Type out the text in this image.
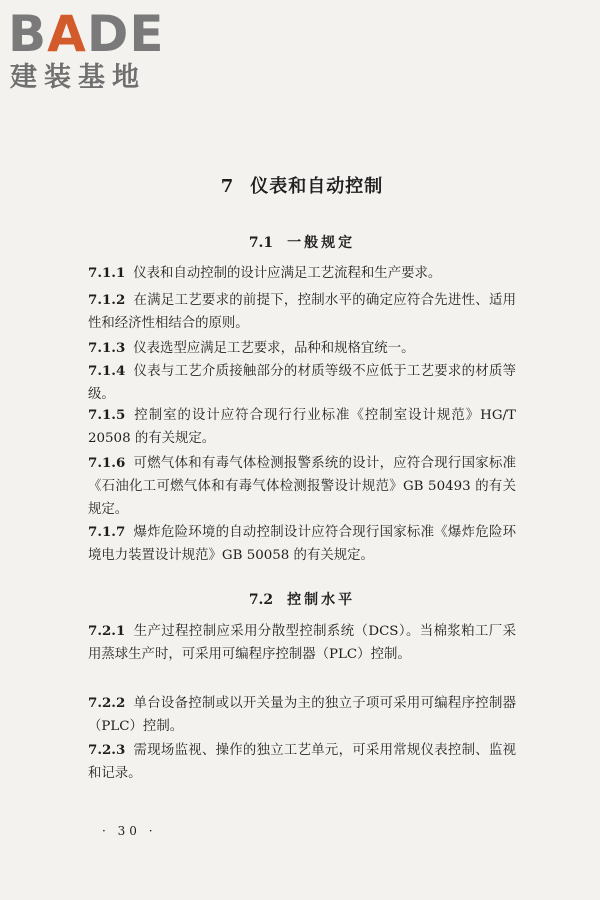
BADE
建装基地
7 仪表和自动控制
7.1 一般规定
7.1.1 仪表和自动控制的设计应满足工艺流程和生产要求。
7.1.2 在满足工艺要求的前提下，控制水平的确定应符合先进性、适用性和经济性相结合的原则。
7.1.3 仪表选型应满足工艺要求，品种和规格宜统一。
7.1.4 仪表与工艺介质接触部分的材质等级不应低于工艺要求的材质等级。
7.1.5 控制室的设计应符合现行行业标准《控制室设计规范》HG/T 20508 的有关规定。
7.1.6 可燃气体和有毒气体检测报警系统的设计，应符合现行国家标准《石油化工可燃气体和有毒气体检测报警设计规范》GB 50493 的有关规定。
7.1.7 爆炸危险环境的自动控制设计应符合现行国家标准《爆炸危险环境电力装置设计规范》GB 50058 的有关规定。
7.2 控制水平
7.2.1 生产过程控制应采用分散型控制系统（DCS）。当棉浆粕工厂采用蒸球生产时，可采用可编程序控制器（PLC）控制。
7.2.2 单台设备控制或以开关量为主的独立子项可采用可编程序控制器（PLC）控制。
7.2.3 需现场监视、操作的独立工艺单元，可采用常规仪表控制、监视和记录。
· 30 ·
